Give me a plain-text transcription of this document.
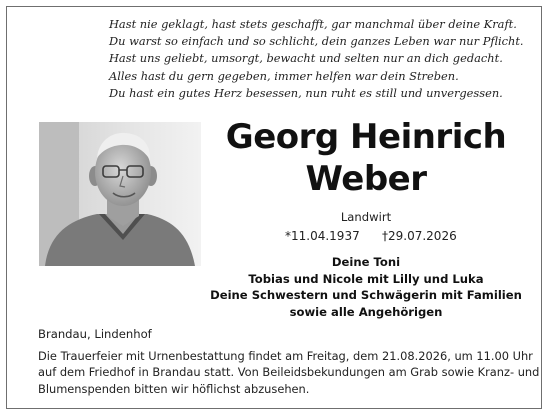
Hast nie geklagt, hast stets geschafft, gar manchmal über deine Kraft.
Du warst so einfach und so schlicht, dein ganzes Leben war nur Pflicht.
Hast uns geliebt, umsorgt, bewacht und selten nur an dich gedacht.
Alles hast du gern gegeben, immer helfen war dein Streben.
Du hast ein gutes Herz besessen, nun ruht es still und unvergessen.
Georg Heinrich
Weber
Landwirt
*11.04.1937 †29.07.2026
Deine Toni
Tobias und Nicole mit Lilly und Luka
Deine Schwestern und Schwägerin mit Familien
sowie alle Angehörigen
Brandau, Lindenhof
Die Trauerfeier mit Urnenbestattung findet am Freitag, dem 21.08.2026, um 11.00 Uhr
auf dem Friedhof in Brandau statt. Von Beileidsbekundungen am Grab sowie Kranz- und
Blumenspenden bitten wir höflichst abzusehen.
